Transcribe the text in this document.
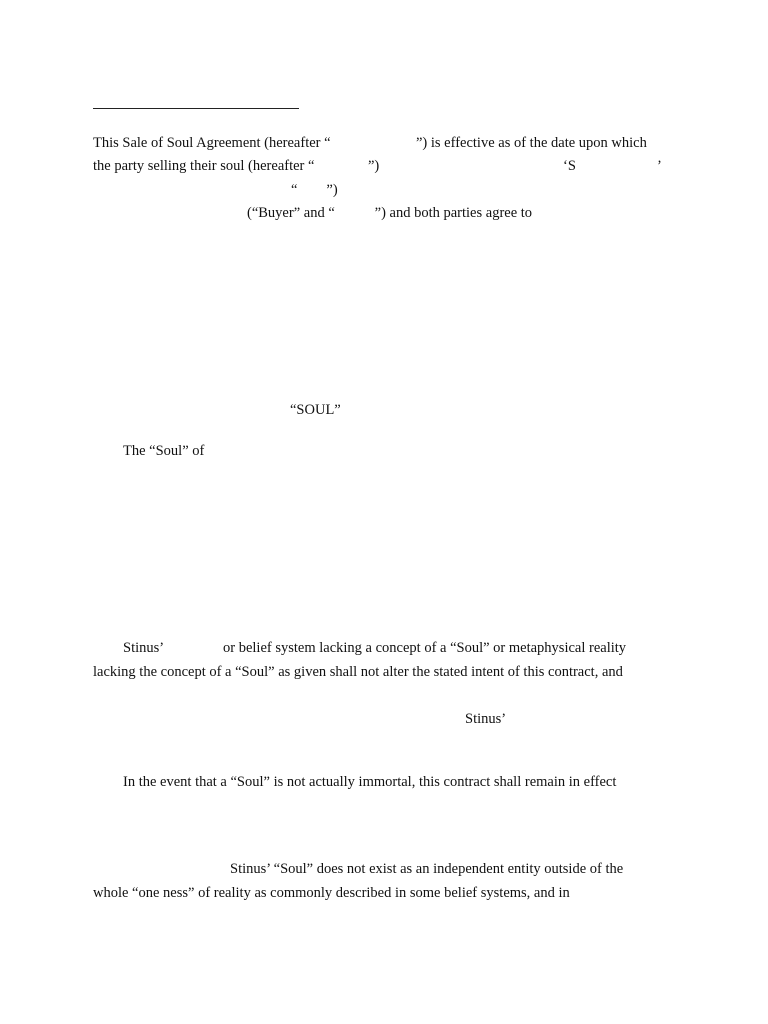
This Sale of Soul Agreement (hereafter “	”) is effective as of the date upon which
the party selling their soul (hereafter “	”)	‘S	’
“        ”)
(“Buyer” and “           ”) and both parties agree to
“SOUL”
The “Soul” of
Stinus’	or belief system lacking a concept of a “Soul” or metaphysical reality
lacking the concept of a “Soul” as given shall not alter the stated intent of this contract, and
Stinus’
In the event that a “Soul” is not actually immortal, this contract shall remain in effect
Stinus’ “Soul” does not exist as an independent entity outside of the
whole “one ness” of reality as commonly described in some belief systems, and in
